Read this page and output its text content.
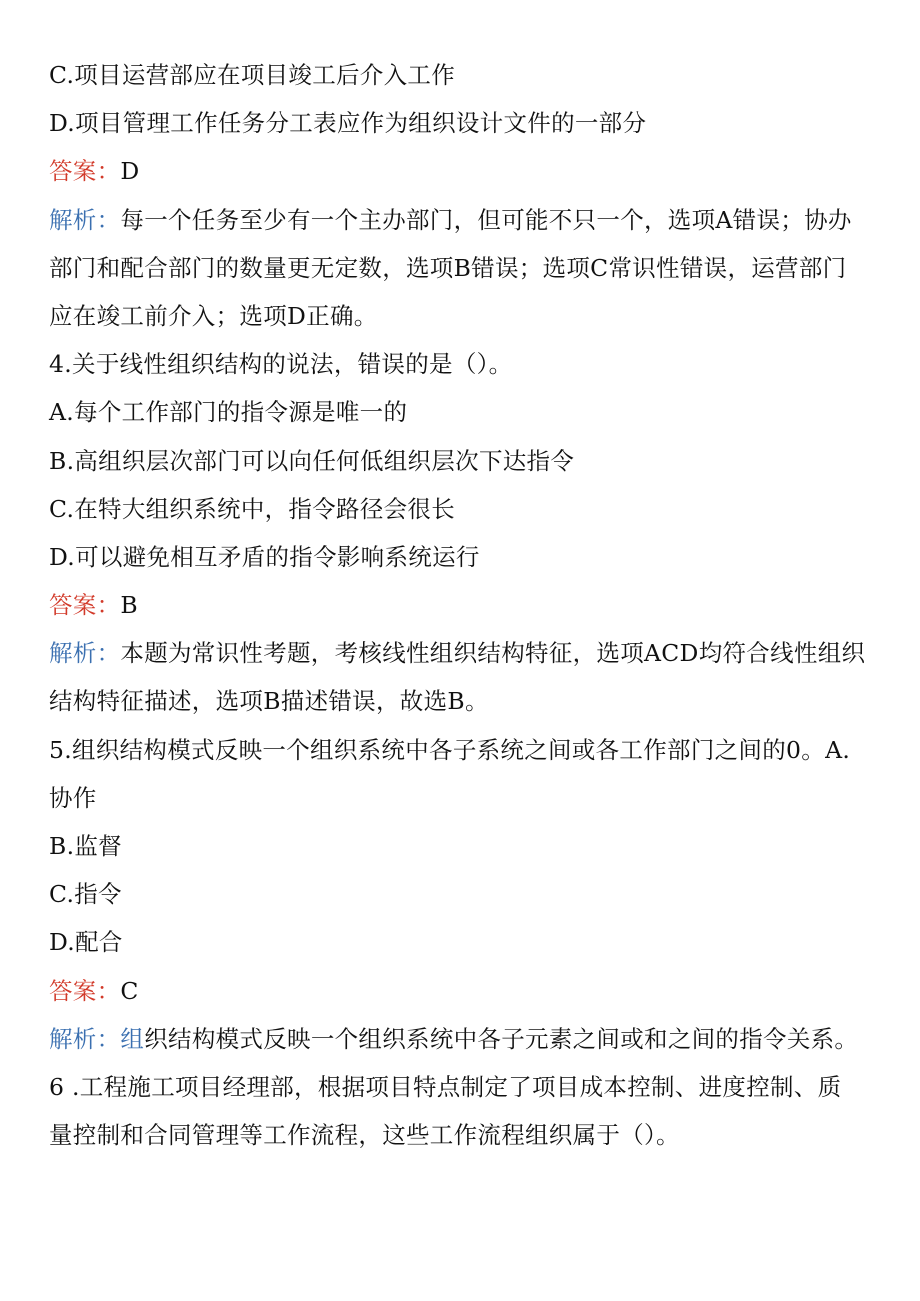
C.项目运营部应在项目竣工后介入工作
D.项目管理工作任务分工表应作为组织设计文件的一部分
答案：D
解析：每一个任务至少有一个主办部门，但可能不只一个，选项A错误；协办
部门和配合部门的数量更无定数，选项B错误；选项C常识性错误，运营部门
应在竣工前介入；选项D正确。
4.关于线性组织结构的说法，错误的是（）。
A.每个工作部门的指令源是唯一的
B.高组织层次部门可以向任何低组织层次下达指令
C.在特大组织系统中，指令路径会很长
D.可以避免相互矛盾的指令影响系统运行
答案：B
解析：本题为常识性考题，考核线性组织结构特征，选项ACD均符合线性组织
结构特征描述，选项B描述错误，故选B。
5.组织结构模式反映一个组织系统中各子系统之间或各工作部门之间的0。A.
协作
B.监督
C.指令
D.配合
答案：C
解析：组织结构模式反映一个组织系统中各子元素之间或和之间的指令关系。
6 .工程施工项目经理部，根据项目特点制定了项目成本控制、进度控制、质
量控制和合同管理等工作流程，这些工作流程组织属于（）。
